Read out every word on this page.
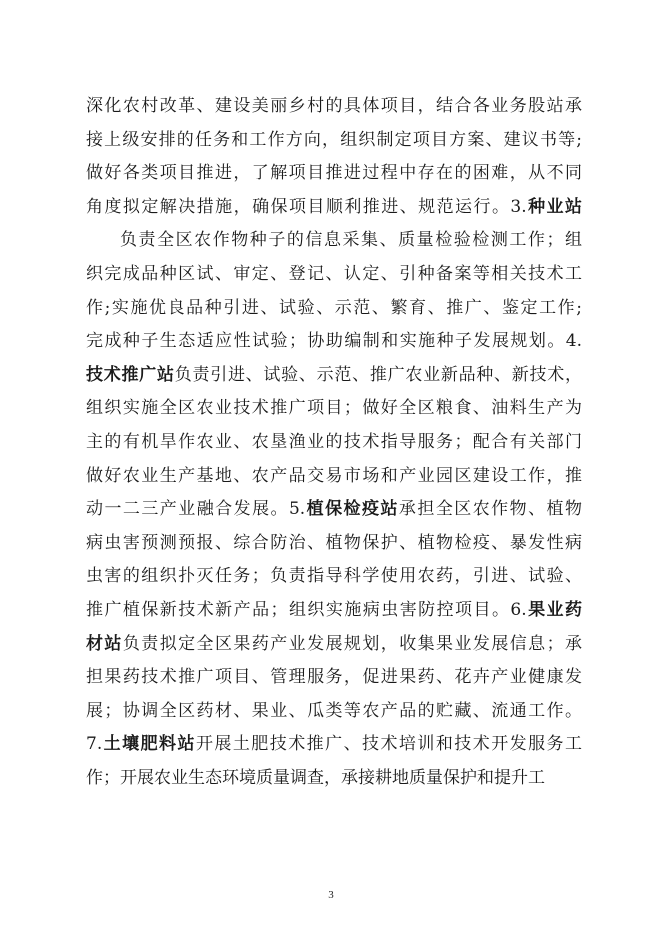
深化农村改革、建设美丽乡村的具体项目，结合各业务股站承
接上级安排的任务和工作方向，组织制定项目方案、建议书等;
做好各类项目推进，了解项目推进过程中存在的困难，从不同
角度拟定解决措施，确保项目顺利推进、规范运行。3.种业站
负责全区农作物种子的信息采集、质量检验检测工作；组
织完成品种区试、审定、登记、认定、引种备案等相关技术工
作;实施优良品种引进、试验、示范、繁育、推广、鉴定工作;
完成种子生态适应性试验；协助编制和实施种子发展规划。4.
技术推广站负责引进、试验、示范、推广农业新品种、新技术，
组织实施全区农业技术推广项目；做好全区粮食、油料生产为
主的有机旱作农业、农垦渔业的技术指导服务；配合有关部门
做好农业生产基地、农产品交易市场和产业园区建设工作，推
动一二三产业融合发展。5.植保检疫站承担全区农作物、植物
病虫害预测预报、综合防治、植物保护、植物检疫、暴发性病
虫害的组织扑灭任务；负责指导科学使用农药，引进、试验、
推广植保新技术新产品；组织实施病虫害防控项目。6.果业药
材站负责拟定全区果药产业发展规划，收集果业发展信息；承
担果药技术推广项目、管理服务，促进果药、花卉产业健康发
展；协调全区药材、果业、瓜类等农产品的贮藏、流通工作。
7.土壤肥料站开展土肥技术推广、技术培训和技术开发服务工
作；开展农业生态环境质量调查，承接耕地质量保护和提升工
3
